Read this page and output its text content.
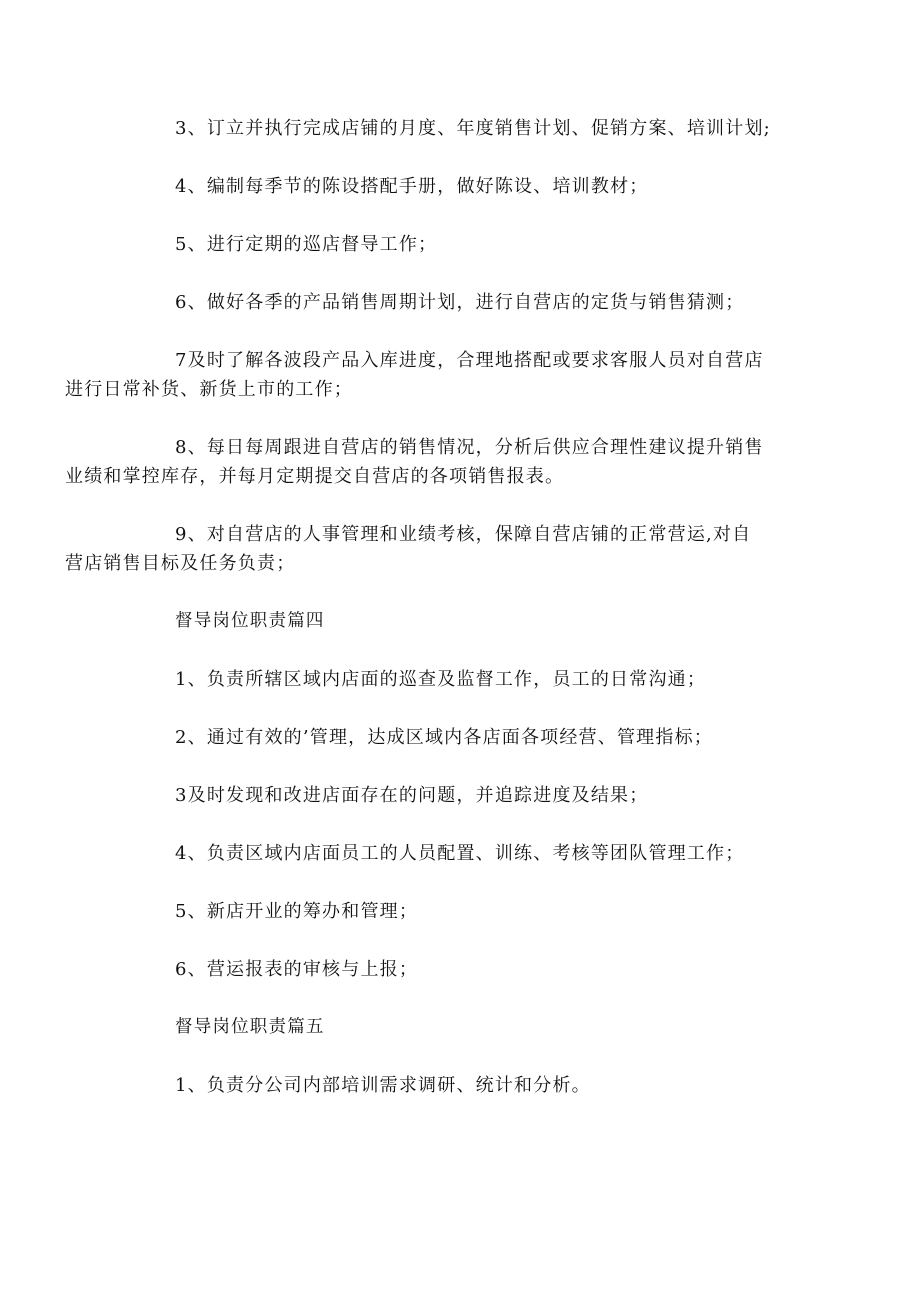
3、订立并执行完成店铺的月度、年度销售计划、促销方案、培训计划;

4、编制每季节的陈设搭配手册，做好陈设、培训教材；

5、进行定期的巡店督导工作；

6、做好各季的产品销售周期计划，进行自营店的定货与销售猜测；

7及时了解各波段产品入库进度，合理地搭配或要求客服人员对自营店
进行日常补货、新货上市的工作；

8、每日每周跟进自营店的销售情况，分析后供应合理性建议提升销售
业绩和掌控库存，并每月定期提交自营店的各项销售报表。

9、对自营店的人事管理和业绩考核，保障自营店铺的正常营运,对自
营店销售目标及任务负责；

督导岗位职责篇四

1、负责所辖区域内店面的巡查及监督工作，员工的日常沟通；

2、通过有效的’管理，达成区域内各店面各项经营、管理指标；

3及时发现和改进店面存在的问题，并追踪进度及结果；

4、负责区域内店面员工的人员配置、训练、考核等团队管理工作；

5、新店开业的筹办和管理；

6、营运报表的审核与上报；

督导岗位职责篇五

1、负责分公司内部培训需求调研、统计和分析。
